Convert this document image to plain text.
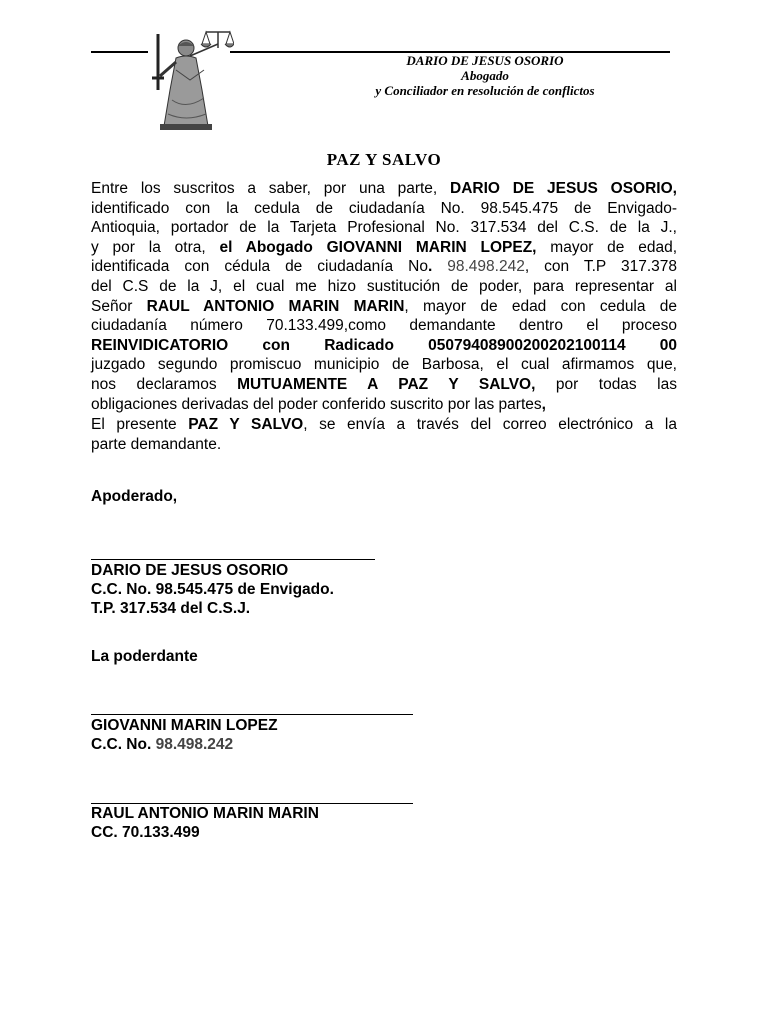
DARIO DE JESUS OSORIO
Abogado
y Conciliador en resolución de conflictos
PAZ Y SALVO
Entre los suscritos a saber, por una parte, DARIO DE JESUS OSORIO,
identificado con la cedula de ciudadanía No. 98.545.475 de Envigado-
Antioquia, portador de la Tarjeta Profesional No. 317.534 del C.S. de la J.,
y por la otra, el Abogado GIOVANNI MARIN LOPEZ, mayor de edad,
identificada con cédula de ciudadanía No. 98.498.242, con T.P 317.378
del C.S de la J, el cual me hizo sustitución de poder, para representar al
Señor RAUL ANTONIO MARIN MARIN, mayor de edad con cedula de
ciudadanía número 70.133.499,como demandante dentro el proceso
REINVIDICATORIO con Radicado 05079408900200202100114 00
juzgado segundo promiscuo municipio de Barbosa, el cual afirmamos que,
nos declaramos MUTUAMENTE A PAZ Y SALVO, por todas las
obligaciones derivadas del poder conferido suscrito por las partes,
El presente PAZ Y SALVO, se envía a través del correo electrónico a la
parte demandante.
Apoderado,
DARIO DE JESUS OSORIO
C.C. No. 98.545.475 de Envigado.
T.P. 317.534 del C.S.J.
La poderdante
GIOVANNI MARIN LOPEZ
C.C. No. 98.498.242
RAUL ANTONIO MARIN MARIN
CC. 70.133.499
